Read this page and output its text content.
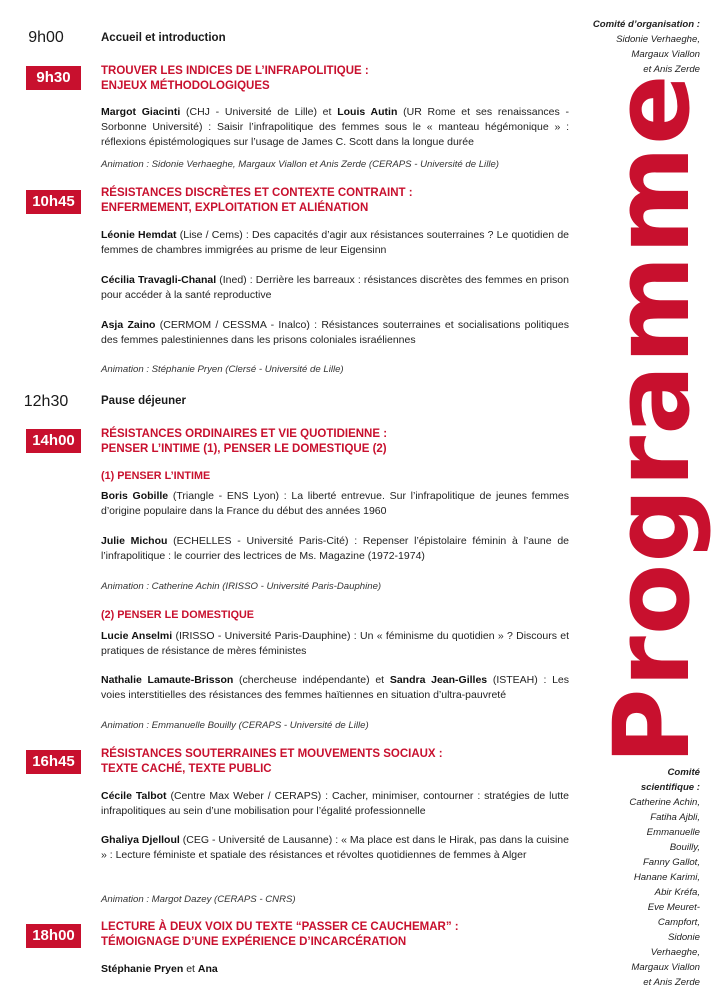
Comité d’organisation :
Sidonie Verhaeghe,
Margaux Viallon
et Anis Zerde
Programme
Comité
scientifique :
Catherine Achin,
Fatiha Ajbli,
Emmanuelle
Bouilly,
Fanny Gallot,
Hanane Karimi,
Abir Kréfa,
Eve Meuret-
Campfort,
Sidonie
Verhaeghe,
Margaux Viallon
et Anis Zerde
9h00	Accueil et introduction
9h30	TROUVER LES INDICES DE L’INFRAPOLITIQUE :
ENJEUX MÉTHODOLOGIQUES
Margot Giacinti (CHJ - Université de Lille) et Louis Autin (UR Rome et ses renaissances - Sorbonne Université) : Saisir l’infrapolitique des femmes sous le « manteau hégémonique » : réflexions épistémologiques sur l’usage de James C. Scott dans la longue durée
Animation : Sidonie Verhaeghe, Margaux Viallon et Anis Zerde (CERAPS - Université de Lille)
10h45	RÉSISTANCES DISCRÈTES ET CONTEXTE CONTRAINT :
ENFERMEMENT, EXPLOITATION ET ALIÉNATION
Léonie Hemdat (Lise / Cems) : Des capacités d’agir aux résistances souterraines ? Le quotidien de femmes de chambres immigrées au prisme de leur Eigensinn
Cécilia Travagli-Chanal (Ined) : Derrière les barreaux : résistances discrètes des femmes en prison pour accéder à la santé reproductive
Asja Zaino (CERMOM / CESSMA - Inalco) : Résistances souterraines et socialisations politiques des femmes palestiniennes dans les prisons coloniales israéliennes
Animation : Stéphanie Pryen (Clersé - Université de Lille)
12h30	Pause déjeuner
14h00	RÉSISTANCES ORDINAIRES ET VIE QUOTIDIENNE :
PENSER L’INTIME (1), PENSER LE DOMESTIQUE (2)
(1) PENSER L’INTIME
Boris Gobille (Triangle - ENS Lyon) : La liberté entrevue. Sur l’infrapolitique de jeunes femmes d’origine populaire dans la France du début des années 1960
Julie Michou (ECHELLES - Université Paris-Cité) : Repenser l’épistolaire féminin à l’aune de l’infrapolitique : le courrier des lectrices de Ms. Magazine (1972-1974)
Animation : Catherine Achin (IRISSO - Université Paris-Dauphine)
(2) PENSER LE DOMESTIQUE
Lucie Anselmi (IRISSO - Université Paris-Dauphine) : Un « féminisme du quotidien » ? Discours et pratiques de résistance de mères féministes
Nathalie Lamaute-Brisson (chercheuse indépendante) et Sandra Jean-Gilles (ISTEAH) : Les voies interstitielles des résistances des femmes haïtiennes en situation d’ultra-pauvreté
Animation : Emmanuelle Bouilly (CERAPS - Université de Lille)
16h45	RÉSISTANCES SOUTERRAINES ET MOUVEMENTS SOCIAUX :
TEXTE CACHÉ, TEXTE PUBLIC
Cécile Talbot (Centre Max Weber / CERAPS) : Cacher, minimiser, contourner : stratégies de lutte infrapolitiques au sein d’une mobilisation pour l’égalité professionnelle
Ghaliya Djelloul (CEG - Université de Lausanne) : « Ma place est dans le Hirak, pas dans la cuisine » : Lecture féministe et spatiale des résistances et révoltes quotidiennes de femmes à Alger
Animation : Margot Dazey (CERAPS - CNRS)
18h00	LECTURE À DEUX VOIX DU TEXTE “PASSER CE CAUCHEMAR” :
TÉMOIGNAGE D’UNE EXPÉRIENCE D’INCARCÉRATION
Stéphanie Pryen et Ana
